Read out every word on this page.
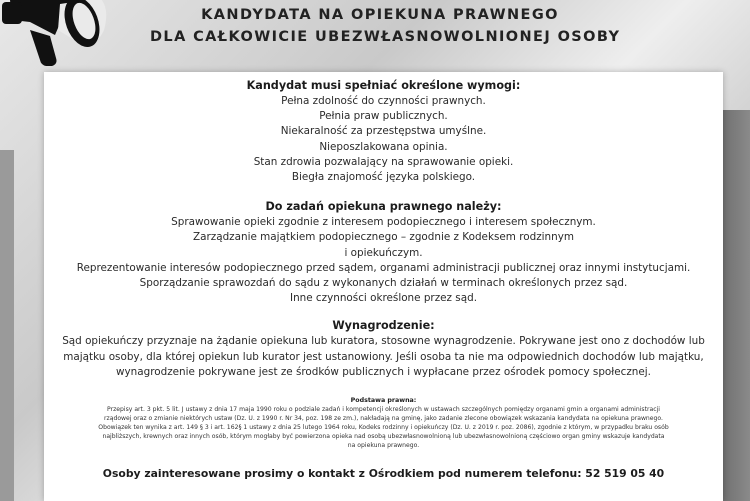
KANDYDATA NA OPIEKUNA PRAWNEGO
DLA CAŁKOWICIE UBEZWŁASNOWOLNIONEJ OSOBY
Kandydat musi spełniać określone wymogi:
Pełna zdolność do czynności prawnych.
Pełnia praw publicznych.
Niekaralność za przestępstwa umyślne.
Nieposzlakowana opinia.
Stan zdrowia pozwalający na sprawowanie opieki.
Biegła znajomość języka polskiego.
Do zadań opiekuna prawnego należy:
Sprawowanie opieki zgodnie z interesem podopiecznego i interesem społecznym.
Zarządzanie majątkiem podopiecznego – zgodnie z Kodeksem rodzinnym
i opiekuńczym.
Reprezentowanie interesów podopiecznego przed sądem, organami administracji publicznej oraz innymi instytucjami.
Sporządzanie sprawozdań do sądu z wykonanych działań w terminach określonych przez sąd.
Inne czynności określone przez sąd.
Wynagrodzenie:
Sąd opiekuńczy przyznaje na żądanie opiekuna lub kuratora, stosowne wynagrodzenie. Pokrywane jest ono z dochodów lub
majątku osoby, dla której opiekun lub kurator jest ustanowiony. Jeśli osoba ta nie ma odpowiednich dochodów lub majątku,
wynagrodzenie pokrywane jest ze środków publicznych i wypłacane przez ośrodek pomocy społecznej.
Podstawa prawna:
Przepisy art. 3 pkt. 5 lit. J ustawy z dnia 17 maja 1990 roku o podziale zadań i kompetencji określonych w ustawach szczególnych pomiędzy organami gmin a organami administracji
rządowej oraz o zmianie niektórych ustaw (Dz. U. z 1990 r. Nr 34, poz. 198 ze zm.), nakładają na gminę, jako zadanie zlecone obowiązek wskazania kandydata na opiekuna prawnego.
Obowiązek ten wynika z art. 149 § 3 i art. 162§ 1 ustawy z dnia 25 lutego 1964 roku, Kodeks rodzinny i opiekuńczy (Dz. U. z 2019 r. poz. 2086), zgodnie z którym, w przypadku braku osób
najbliższych, krewnych oraz innych osób, którym mogłaby być powierzona opieka nad osobą ubezwłasnowolnioną lub ubezwłasnowolnioną częściowo organ gminy wskazuje kandydata
na opiekuna prawnego.
Osoby zainteresowane prosimy o kontakt z Ośrodkiem pod numerem telefonu: 52 519 05 40
